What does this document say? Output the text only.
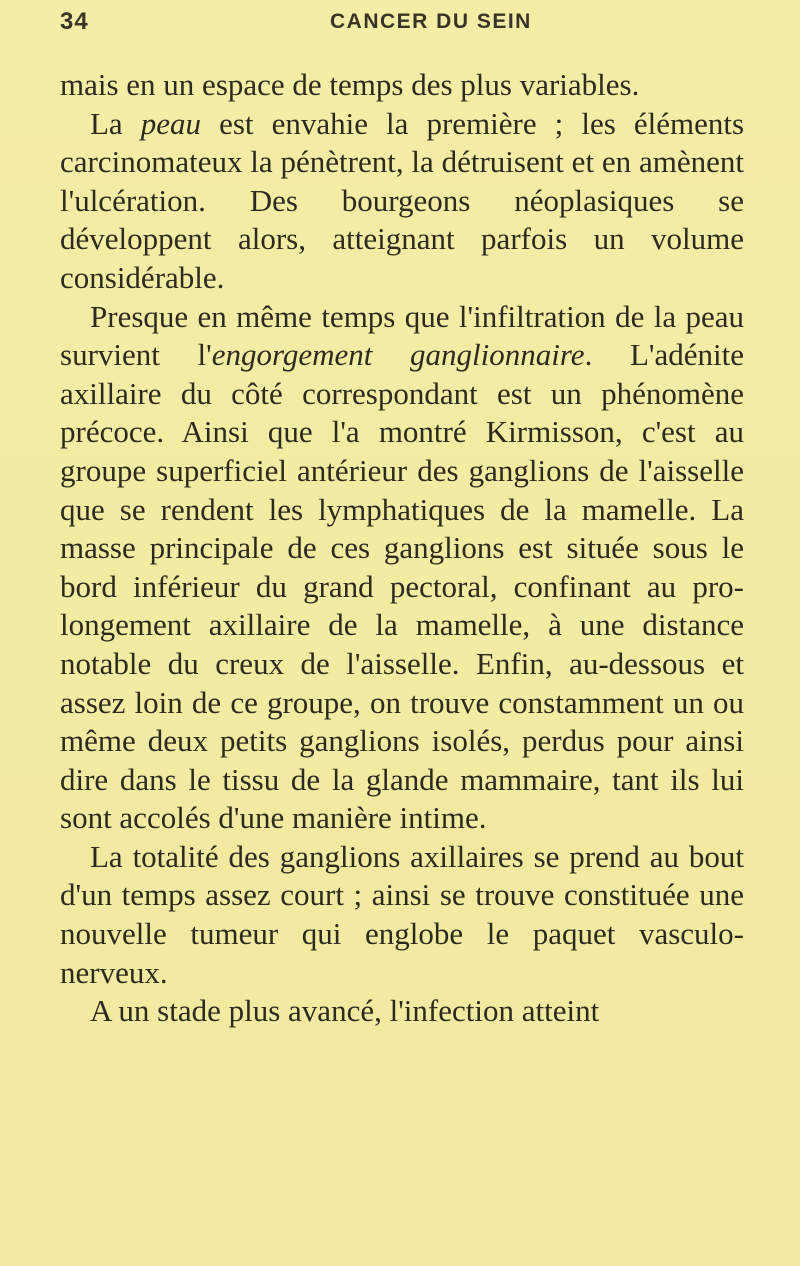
34	CANCER DU SEIN

mais en un espace de temps des plus variables.

La peau est envahie la première ; les éléments carcinomateux la pénètrent, la détruisent et en amènent l'ulcération. Des bourgeons néoplasiques se développent alors, atteignant parfois un volume considérable.

Presque en même temps que l'infiltration de la peau survient l'engorgement ganglionnaire. L'adénite axillaire du côté correspondant est un phénomène précoce. Ainsi que l'a montré Kirmisson, c'est au groupe superficiel antérieur des ganglions de l'aisselle que se rendent les lymphatiques de la mamelle. La masse principale de ces ganglions est située sous le bord inférieur du grand pectoral, confinant au prolongement axillaire de la mamelle, à une distance notable du creux de l'aisselle. Enfin, au-dessous et assez loin de ce groupe, on trouve constamment un ou même deux petits ganglions isolés, perdus pour ainsi dire dans le tissu de la glande mammaire, tant ils lui sont accolés d'une manière intime.

La totalité des ganglions axillaires se prend au bout d'un temps assez court ; ainsi se trouve constituée une nouvelle tumeur qui englobe le paquet vasculo-nerveux.

A un stade plus avancé, l'infection atteint
